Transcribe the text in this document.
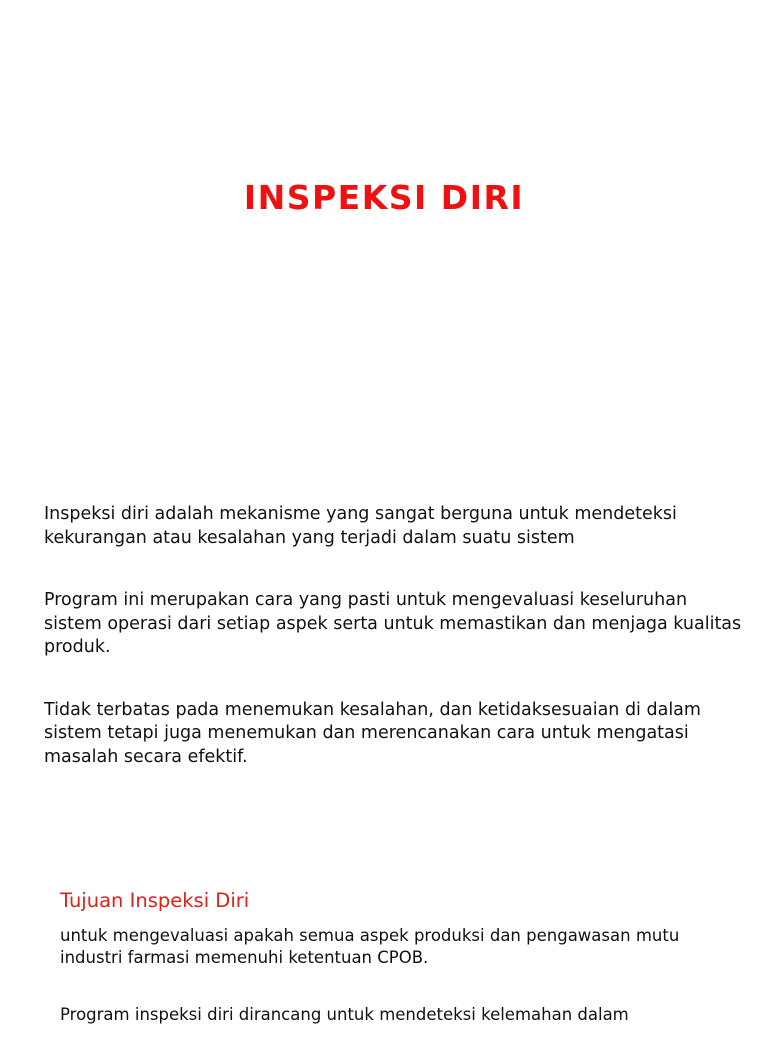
INSPEKSI DIRI

Inspeksi diri adalah mekanisme yang sangat berguna untuk mendeteksi kekurangan atau kesalahan yang terjadi dalam suatu sistem

Program ini merupakan cara yang pasti untuk mengevaluasi keseluruhan sistem operasi dari setiap aspek serta untuk memastikan dan menjaga kualitas produk.

Tidak terbatas pada menemukan kesalahan, dan ketidaksesuaian di dalam sistem tetapi juga menemukan dan merencanakan cara untuk mengatasi masalah secara efektif.

Tujuan Inspeksi Diri

untuk mengevaluasi apakah semua aspek produksi dan pengawasan mutu industri farmasi memenuhi ketentuan CPOB.

Program inspeksi diri dirancang untuk mendeteksi kelemahan dalam
